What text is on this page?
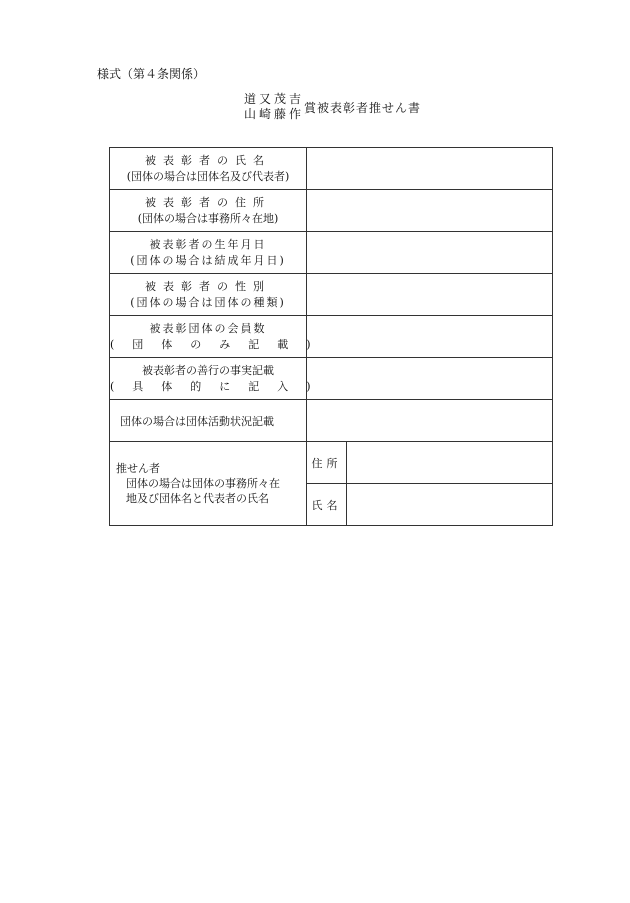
様式（第４条関係）
道又茂吉
山崎藤作賞被表彰者推せん書
被表彰者の氏名
(団体の場合は団体名及び代表者)		

被表彰者の住所
(団体の場合は事務所々在地)		

被表彰者の生年月日
(団体の場合は結成年月日)		

被表彰者の性別
(団体の場合は団体の種類)		

被表彰団体の会員数
(団体のみ記載)		

被表彰者の善行の事実記載
(具体的に記入)		

団体の場合は団体活動状況記載		
推せん者
団体の場合は団体の事務所々在
地及び団体名と代表者の氏名	住所	
	氏名	
